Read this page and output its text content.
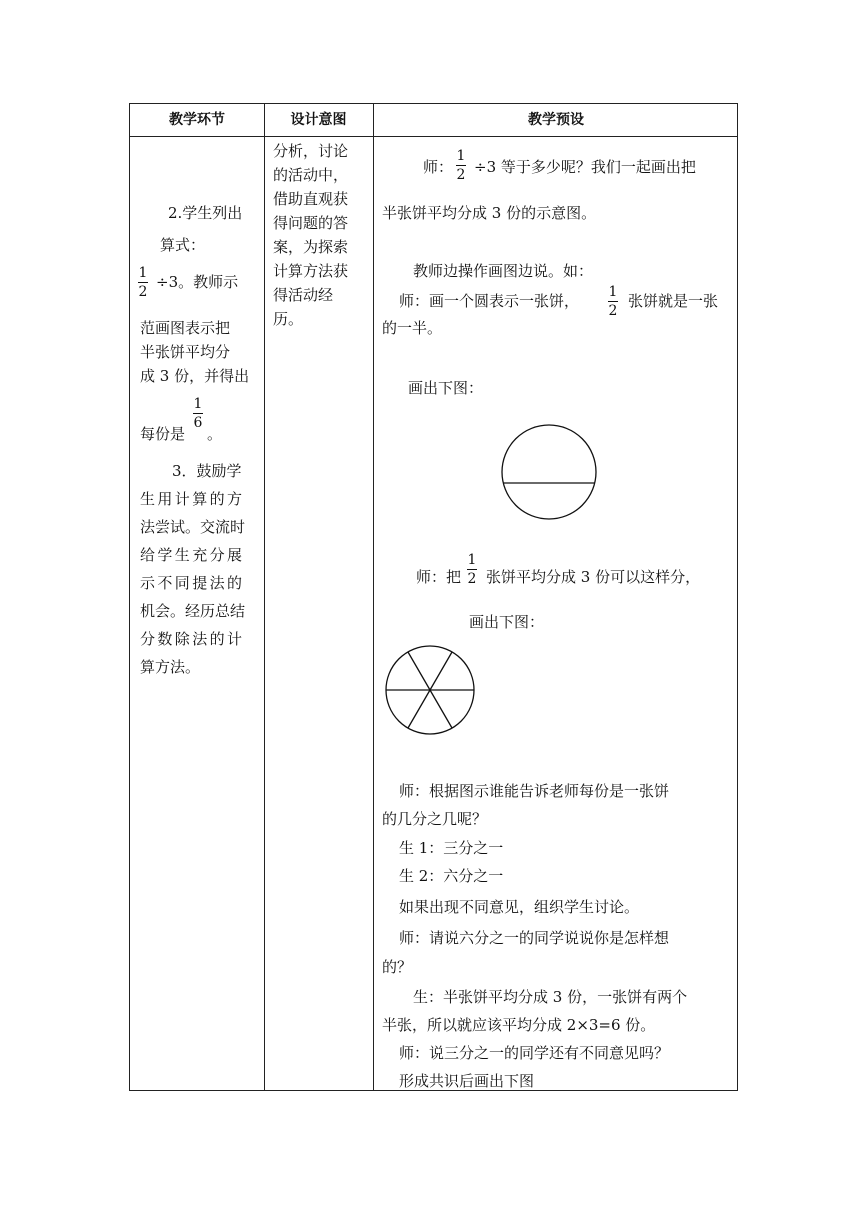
教学环节	设计意图	教学预设
2.学生列出
算式：
1
2
÷3。教师示
范画图表示把
半张饼平均分
成 3 份，并得出
1
6
每份是 。
3．鼓励学
生用计算的方
法尝试。交流时
给学生充分展
示不同提法的
机会。经历总结
分数除法的计
算方法。
分析，讨论
的活动中，
借助直观获
得问题的答
案，为探索
计算方法获
得活动经
历。
师：
1
2 ÷3 等于多少呢？我们一起画出把
半张饼平均分成 3 份的示意图。
教师边操作画图边说。如：
师：画一个圆表示一张饼， 1
2
张饼就是一张
的一半。
画出下图：
师：把
1
2 张饼平均分成 3 份可以这样分，
画出下图：
师：根据图示谁能告诉老师每份是一张饼
的几分之几呢？
生 1：三分之一
生 2：六分之一
如果出现不同意见，组织学生讨论。
师：请说六分之一的同学说说你是怎样想
的？
生：半张饼平均分成 3 份，一张饼有两个
半张，所以就应该平均分成 2×3=6 份。
师：说三分之一的同学还有不同意见吗？
形成共识后画出下图
